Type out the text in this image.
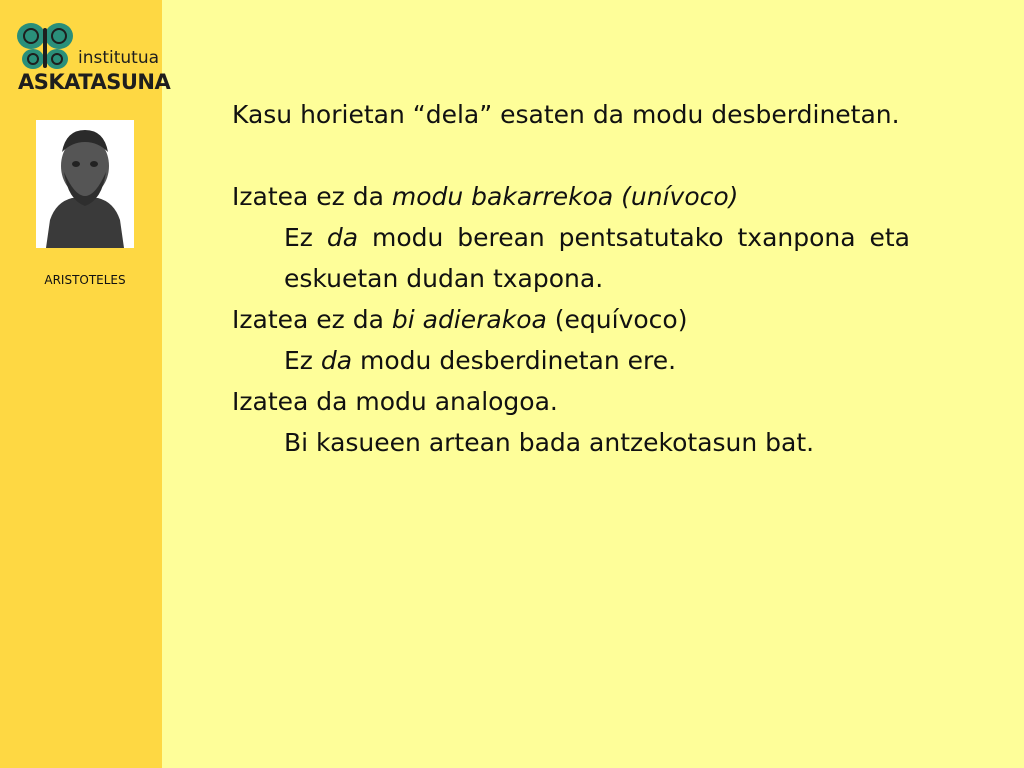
institutua
ASKATASUNA
ARISTOTELES

Kasu horietan “dela” esaten da modu desberdinetan.

Izatea ez da modu bakarrekoa (unívoco)

Ez da modu berean pentsatutako txanpona eta eskuetan dudan txapona.

Izatea ez da bi adierakoa (equívoco)

Ez da modu desberdinetan ere.

Izatea da modu analogoa.

Bi kasueen artean bada antzekotasun bat.
